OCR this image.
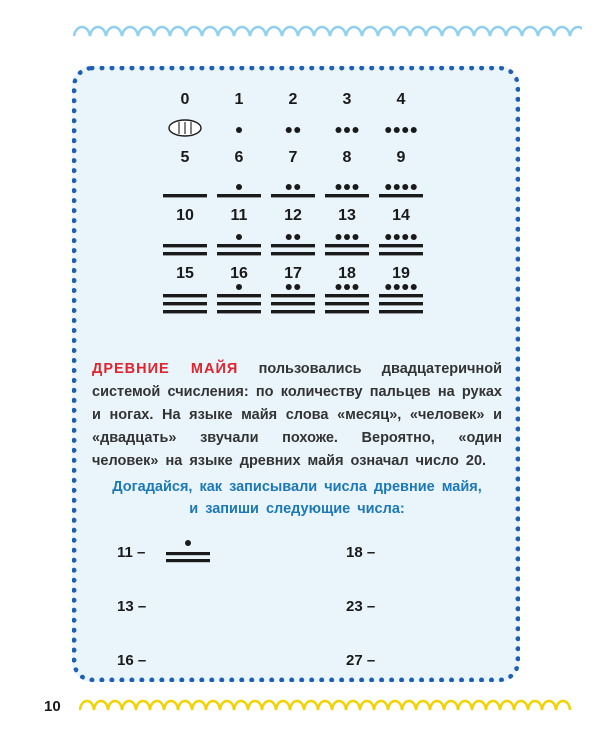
0	1	2	3	4
5	6	7	8	9
10 11 12 13 14
15 16 17 18 19
ДРЕВНИЕ МАЙЯ пользовались двадцатеричной системой счисления: по количеству пальцев на руках и ногах. На языке майя слова «месяц», «человек» и «двадцать» звучали похоже. Вероятно, «один человек» на языке древних майя означал число 20.
Догадайся, как записывали числа древние майя,
и запиши следующие числа:
11 –	18 –
13 –	23 –
16 –	27 –
10
